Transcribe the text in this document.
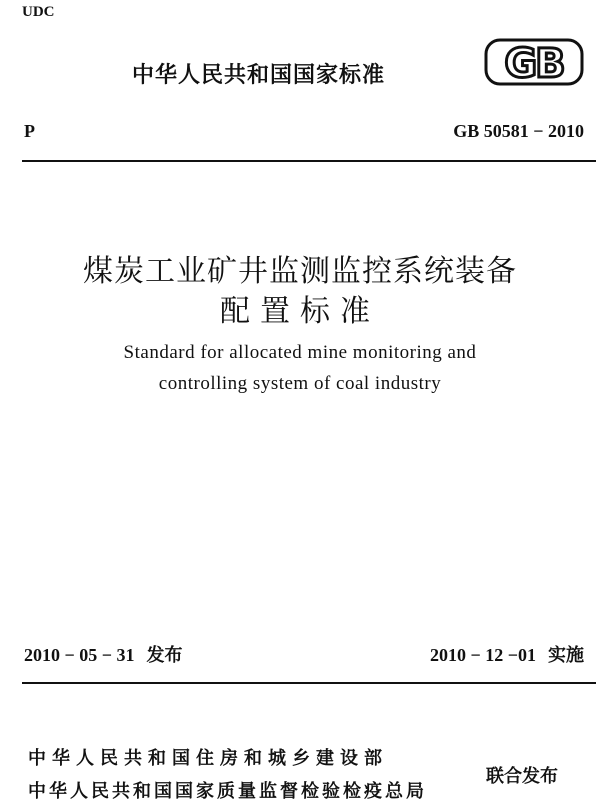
UDC
中华人民共和国国家标准	GB
P	GB 50581 − 2010
煤炭工业矿井监测监控系统装备
配置标准
Standard for allocated mine monitoring and
controlling system of coal industry
2010 − 05 − 31 发布	2010 − 12 −01 实施
中华人民共和国住房和城乡建设部
中华人民共和国国家质量监督检验检疫总局
联合发布
